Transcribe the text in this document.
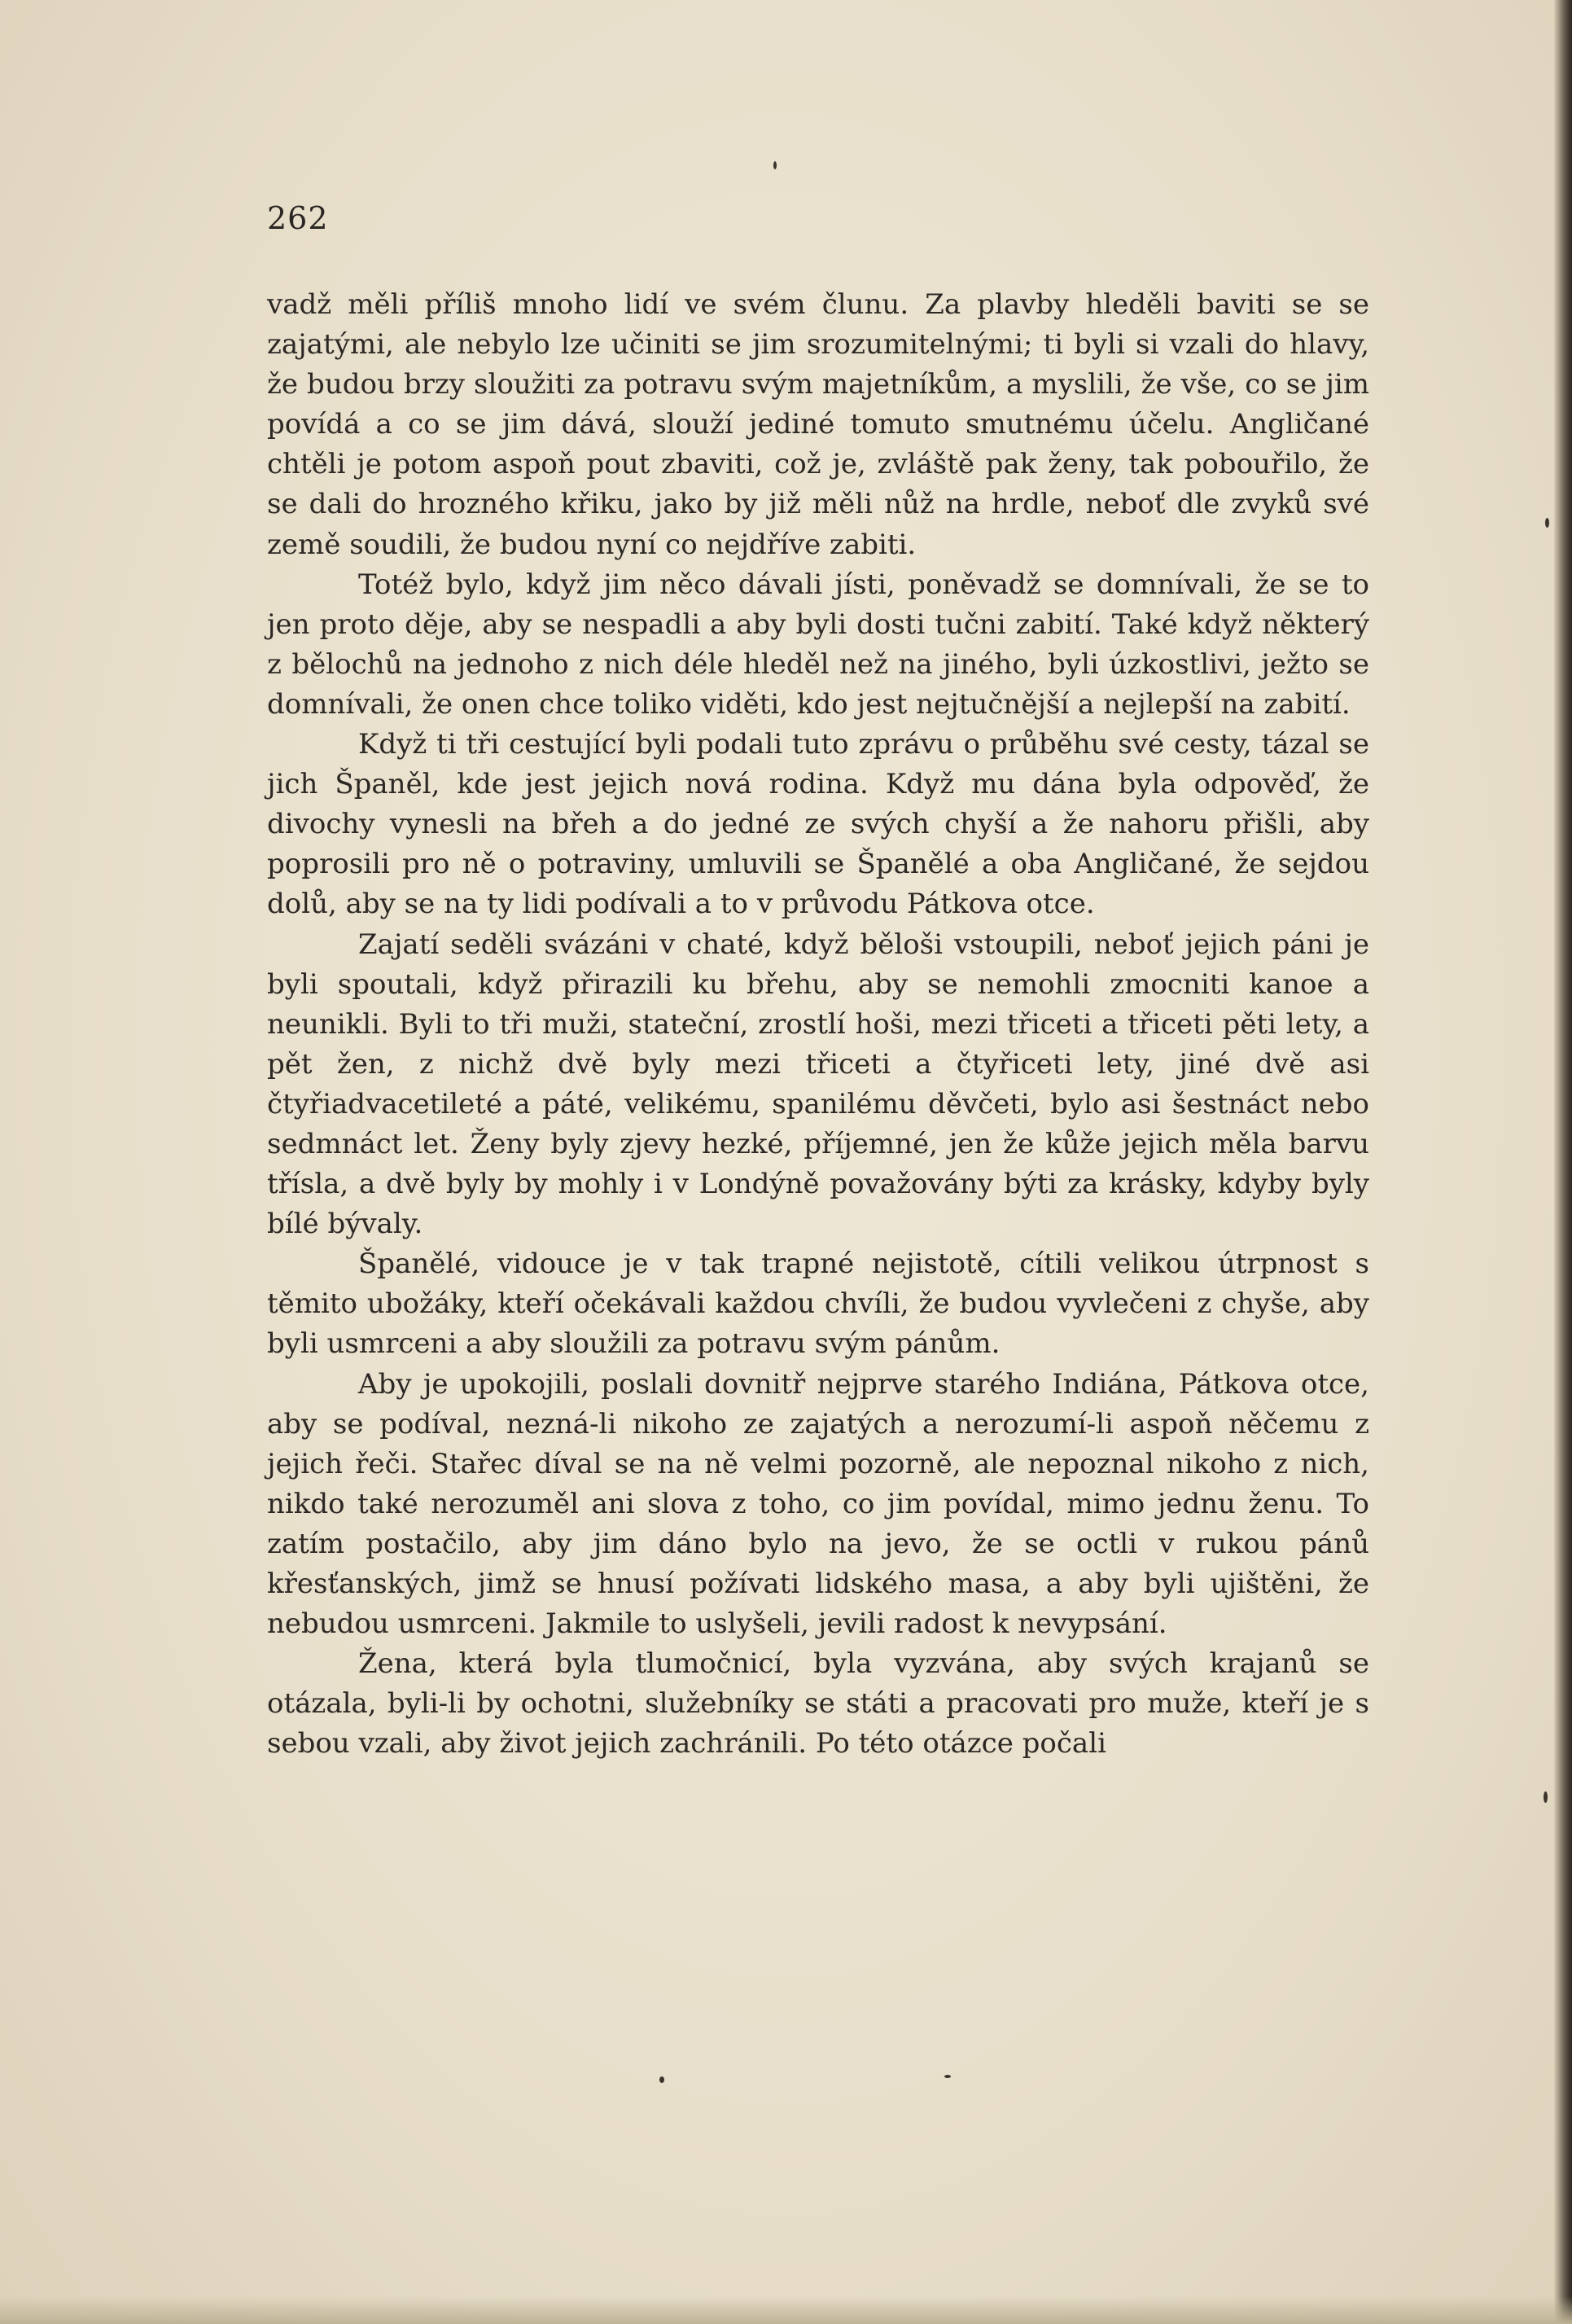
262

vadž měli příliš mnoho lidí ve svém člunu. Za plavby hleděli baviti se se zajatými, ale nebylo lze učiniti se jim srozumitelnými; ti byli si vzali do hlavy, že budou brzy sloužiti za potravu svým majetníkům, a myslili, že vše, co se jim povídá a co se jim dává, slouží jediné tomuto smutnému účelu. Angličané chtěli je potom aspoň pout zbaviti, což je, zvláště pak ženy, tak pobouřilo, že se dali do hrozného křiku, jako by již měli nůž na hrdle, neboť dle zvyků své země soudili, že budou nyní co nejdříve zabiti.

Totéž bylo, když jim něco dávali jísti, poněvadž se domnívali, že se to jen proto děje, aby se nespadli a aby byli dosti tučni zabití. Také když některý z bělochů na jednoho z nich déle hleděl než na jiného, byli úzkostlivi, ježto se domnívali, že onen chce toliko viděti, kdo jest nejtučnější a nejlepší na zabití.

Když ti tři cestující byli podali tuto zprávu o průběhu své cesty, tázal se jich Španěl, kde jest jejich nová rodina. Když mu dána byla odpověď, že divochy vynesli na břeh a do jedné ze svých chyší a že nahoru přišli, aby poprosili pro ně o potraviny, umluvili se Španělé a oba Angličané, že sejdou dolů, aby se na ty lidi podívali a to v průvodu Pátkova otce.

Zajatí seděli svázáni v chaté, když běloši vstoupili, neboť jejich páni je byli spoutali, když přirazili ku břehu, aby se nemohli zmocniti kanoe a neunikli. Byli to tři muži, stateční, zrostlí hoši, mezi třiceti a třiceti pěti lety, a pět žen, z nichž dvě byly mezi třiceti a čtyřiceti lety, jiné dvě asi čtyřiadvacetileté a páté, velikému, spanilému děvčeti, bylo asi šestnáct nebo sedmnáct let. Ženy byly zjevy hezké, příjemné, jen že kůže jejich měla barvu třísla, a dvě byly by mohly i v Londýně považovány býti za krásky, kdyby byly bílé bývaly.

Španělé, vidouce je v tak trapné nejistotě, cítili velikou útrpnost s těmito ubožáky, kteří očekávali každou chvíli, že budou vyvlečeni z chyše, aby byli usmrceni a aby sloužili za potravu svým pánům.

Aby je upokojili, poslali dovnitř nejprve starého Indiána, Pátkova otce, aby se podíval, nezná-li nikoho ze zajatých a nerozumí-li aspoň něčemu z jejich řeči. Stařec díval se na ně velmi pozorně, ale nepoznal nikoho z nich, nikdo také nerozuměl ani slova z toho, co jim povídal, mimo jednu ženu. To zatím postačilo, aby jim dáno bylo na jevo, že se octli v rukou pánů křesťanských, jimž se hnusí požívati lidského masa, a aby byli ujištěni, že nebudou usmrceni. Jakmile to uslyšeli, jevili radost k nevypsání.

Žena, která byla tlumočnicí, byla vyzvána, aby svých krajanů se otázala, byli-li by ochotni, služebníky se státi a pracovati pro muže, kteří je s sebou vzali, aby život jejich zachránili. Po této otázce počali
